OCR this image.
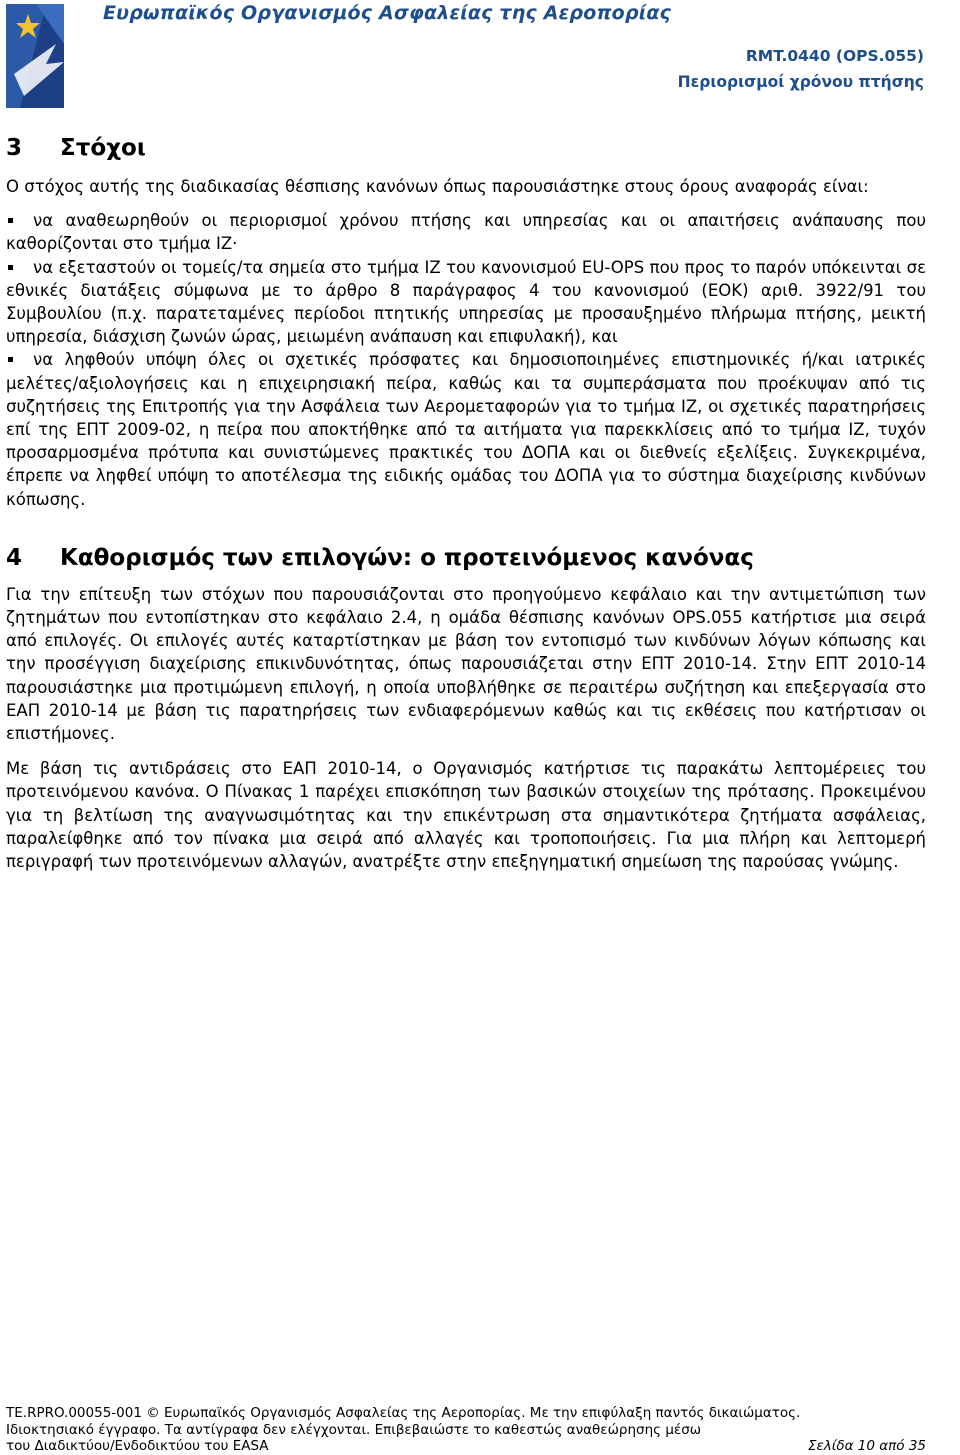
Ευρωπαϊκός Οργανισμός Ασφαλείας της Αεροπορίας
RMT.0440 (OPS.055)
Περιορισμοί χρόνου πτήσης
3	Στόχοι

Ο στόχος αυτής της διαδικασίας θέσπισης κανόνων όπως παρουσιάστηκε στους όρους αναφοράς είναι:

να αναθεωρηθούν οι περιορισμοί χρόνου πτήσης και υπηρεσίας και οι απαιτήσεις ανάπαυσης που καθορίζονται στο τμήμα ΙΖ·
να εξεταστούν οι τομείς/τα σημεία στο τμήμα ΙΖ του κανονισμού EU-OPS που προς το παρόν υπόκεινται σε εθνικές διατάξεις σύμφωνα με το άρθρο 8 παράγραφος 4 του κανονισμού (ΕΟΚ) αριθ. 3922/91 του Συμβουλίου (π.χ. παρατεταμένες περίοδοι πτητικής υπηρεσίας με προσαυξημένο πλήρωμα πτήσης, μεικτή υπηρεσία, διάσχιση ζωνών ώρας, μειωμένη ανάπαυση και επιφυλακή), και
να ληφθούν υπόψη όλες οι σχετικές πρόσφατες και δημοσιοποιημένες επιστημονικές ή/και ιατρικές μελέτες/αξιολογήσεις και η επιχειρησιακή πείρα, καθώς και τα συμπεράσματα που προέκυψαν από τις συζητήσεις της Επιτροπής για την Ασφάλεια των Αερομεταφορών για το τμήμα ΙΖ, οι σχετικές παρατηρήσεις επί της ΕΠΤ 2009-02, η πείρα που αποκτήθηκε από τα αιτήματα για παρεκκλίσεις από το τμήμα ΙΖ, τυχόν προσαρμοσμένα πρότυπα και συνιστώμενες πρακτικές του ΔΟΠΑ και οι διεθνείς εξελίξεις. Συγκεκριμένα, έπρεπε να ληφθεί υπόψη το αποτέλεσμα της ειδικής ομάδας του ΔΟΠΑ για το σύστημα διαχείρισης κινδύνων κόπωσης.
4	Καθορισμός των επιλογών: ο προτεινόμενος κανόνας

Για την επίτευξη των στόχων που παρουσιάζονται στο προηγούμενο κεφάλαιο και την αντιμετώπιση των ζητημάτων που εντοπίστηκαν στο κεφάλαιο 2.4, η ομάδα θέσπισης κανόνων OPS.055 κατήρτισε μια σειρά από επιλογές. Οι επιλογές αυτές καταρτίστηκαν με βάση τον εντοπισμό των κινδύνων λόγων κόπωσης και την προσέγγιση διαχείρισης επικινδυνότητας, όπως παρουσιάζεται στην ΕΠΤ 2010-14. Στην ΕΠΤ 2010-14 παρουσιάστηκε μια προτιμώμενη επιλογή, η οποία υποβλήθηκε σε περαιτέρω συζήτηση και επεξεργασία στο ΕΑΠ 2010-14 με βάση τις παρατηρήσεις των ενδιαφερόμενων καθώς και τις εκθέσεις που κατήρτισαν οι επιστήμονες.

Με βάση τις αντιδράσεις στο ΕΑΠ 2010-14, ο Οργανισμός κατήρτισε τις παρακάτω λεπτομέρειες του προτεινόμενου κανόνα. Ο Πίνακας 1 παρέχει επισκόπηση των βασικών στοιχείων της πρότασης. Προκειμένου για τη βελτίωση της αναγνωσιμότητας και την επικέντρωση στα σημαντικότερα ζητήματα ασφάλειας, παραλείφθηκε από τον πίνακα μια σειρά από αλλαγές και τροποποιήσεις. Για μια πλήρη και λεπτομερή περιγραφή των προτεινόμενων αλλαγών, ανατρέξτε στην επεξηγηματική σημείωση της παρούσας γνώμης.

TE.RPRO.00055-001 © Ευρωπαϊκός Οργανισμός Ασφαλείας της Αεροπορίας. Με την επιφύλαξη παντός δικαιώματος.
Ιδιοκτησιακό έγγραφο. Τα αντίγραφα δεν ελέγχονται. Επιβεβαιώστε το καθεστώς αναθεώρησης μέσω
του Διαδικτύου/Ενδοδικτύου του EASA	Σελίδα 10 από 35
